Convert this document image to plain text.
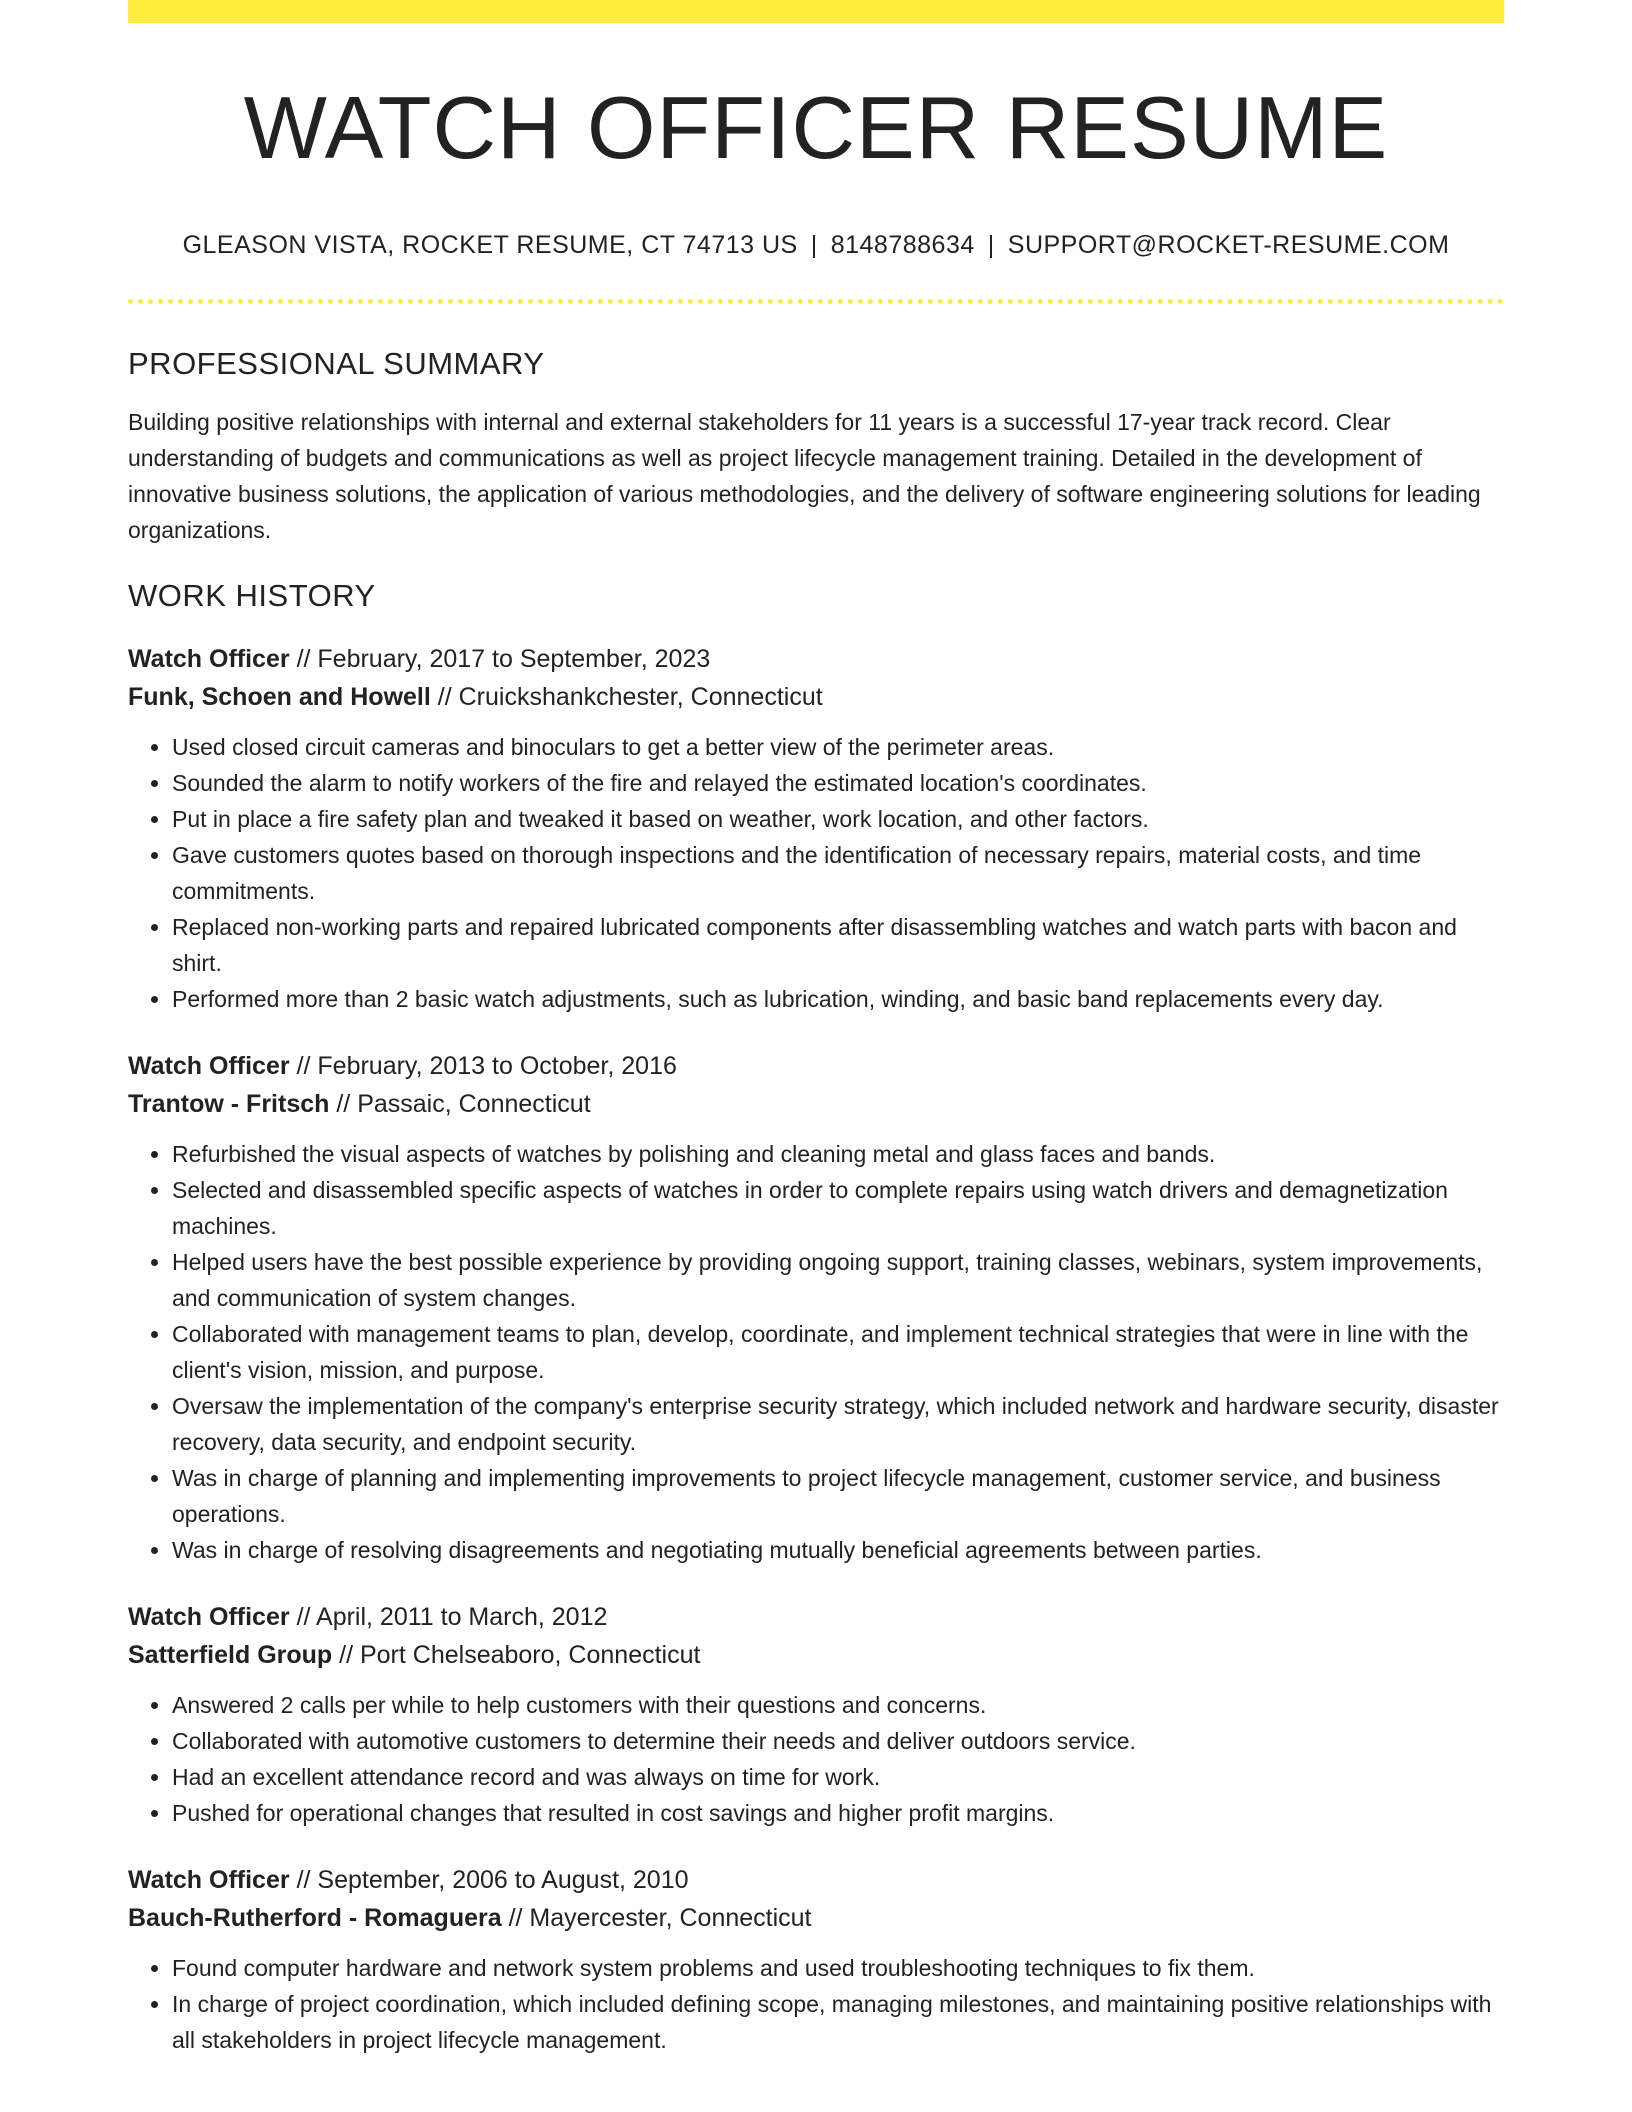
WATCH OFFICER RESUME
GLEASON VISTA, ROCKET RESUME, CT 74713 US | 8148788634 | SUPPORT@ROCKET-RESUME.COM
PROFESSIONAL SUMMARY

Building positive relationships with internal and external stakeholders for 11 years is a successful 17-year track record. Clear understanding of budgets and communications as well as project lifecycle management training. Detailed in the development of innovative business solutions, the application of various methodologies, and the delivery of software engineering solutions for leading organizations.

WORK HISTORY
Watch Officer // February, 2017 to September, 2023
Funk, Schoen and Howell // Cruickshankchester, Connecticut
• Used closed circuit cameras and binoculars to get a better view of the perimeter areas.
• Sounded the alarm to notify workers of the fire and relayed the estimated location's coordinates.
• Put in place a fire safety plan and tweaked it based on weather, work location, and other factors.
• Gave customers quotes based on thorough inspections and the identification of necessary repairs, material costs, and time commitments.
• Replaced non-working parts and repaired lubricated components after disassembling watches and watch parts with bacon and shirt.
• Performed more than 2 basic watch adjustments, such as lubrication, winding, and basic band replacements every day.
Watch Officer // February, 2013 to October, 2016
Trantow - Fritsch // Passaic, Connecticut
• Refurbished the visual aspects of watches by polishing and cleaning metal and glass faces and bands.
• Selected and disassembled specific aspects of watches in order to complete repairs using watch drivers and demagnetization machines.
• Helped users have the best possible experience by providing ongoing support, training classes, webinars, system improvements, and communication of system changes.
• Collaborated with management teams to plan, develop, coordinate, and implement technical strategies that were in line with the client's vision, mission, and purpose.
• Oversaw the implementation of the company's enterprise security strategy, which included network and hardware security, disaster recovery, data security, and endpoint security.
• Was in charge of planning and implementing improvements to project lifecycle management, customer service, and business operations.
• Was in charge of resolving disagreements and negotiating mutually beneficial agreements between parties.
Watch Officer // April, 2011 to March, 2012
Satterfield Group // Port Chelseaboro, Connecticut
• Answered 2 calls per while to help customers with their questions and concerns.
• Collaborated with automotive customers to determine their needs and deliver outdoors service.
• Had an excellent attendance record and was always on time for work.
• Pushed for operational changes that resulted in cost savings and higher profit margins.
Watch Officer // September, 2006 to August, 2010
Bauch-Rutherford - Romaguera // Mayercester, Connecticut
• Found computer hardware and network system problems and used troubleshooting techniques to fix them.
• In charge of project coordination, which included defining scope, managing milestones, and maintaining positive relationships with all stakeholders in project lifecycle management.
